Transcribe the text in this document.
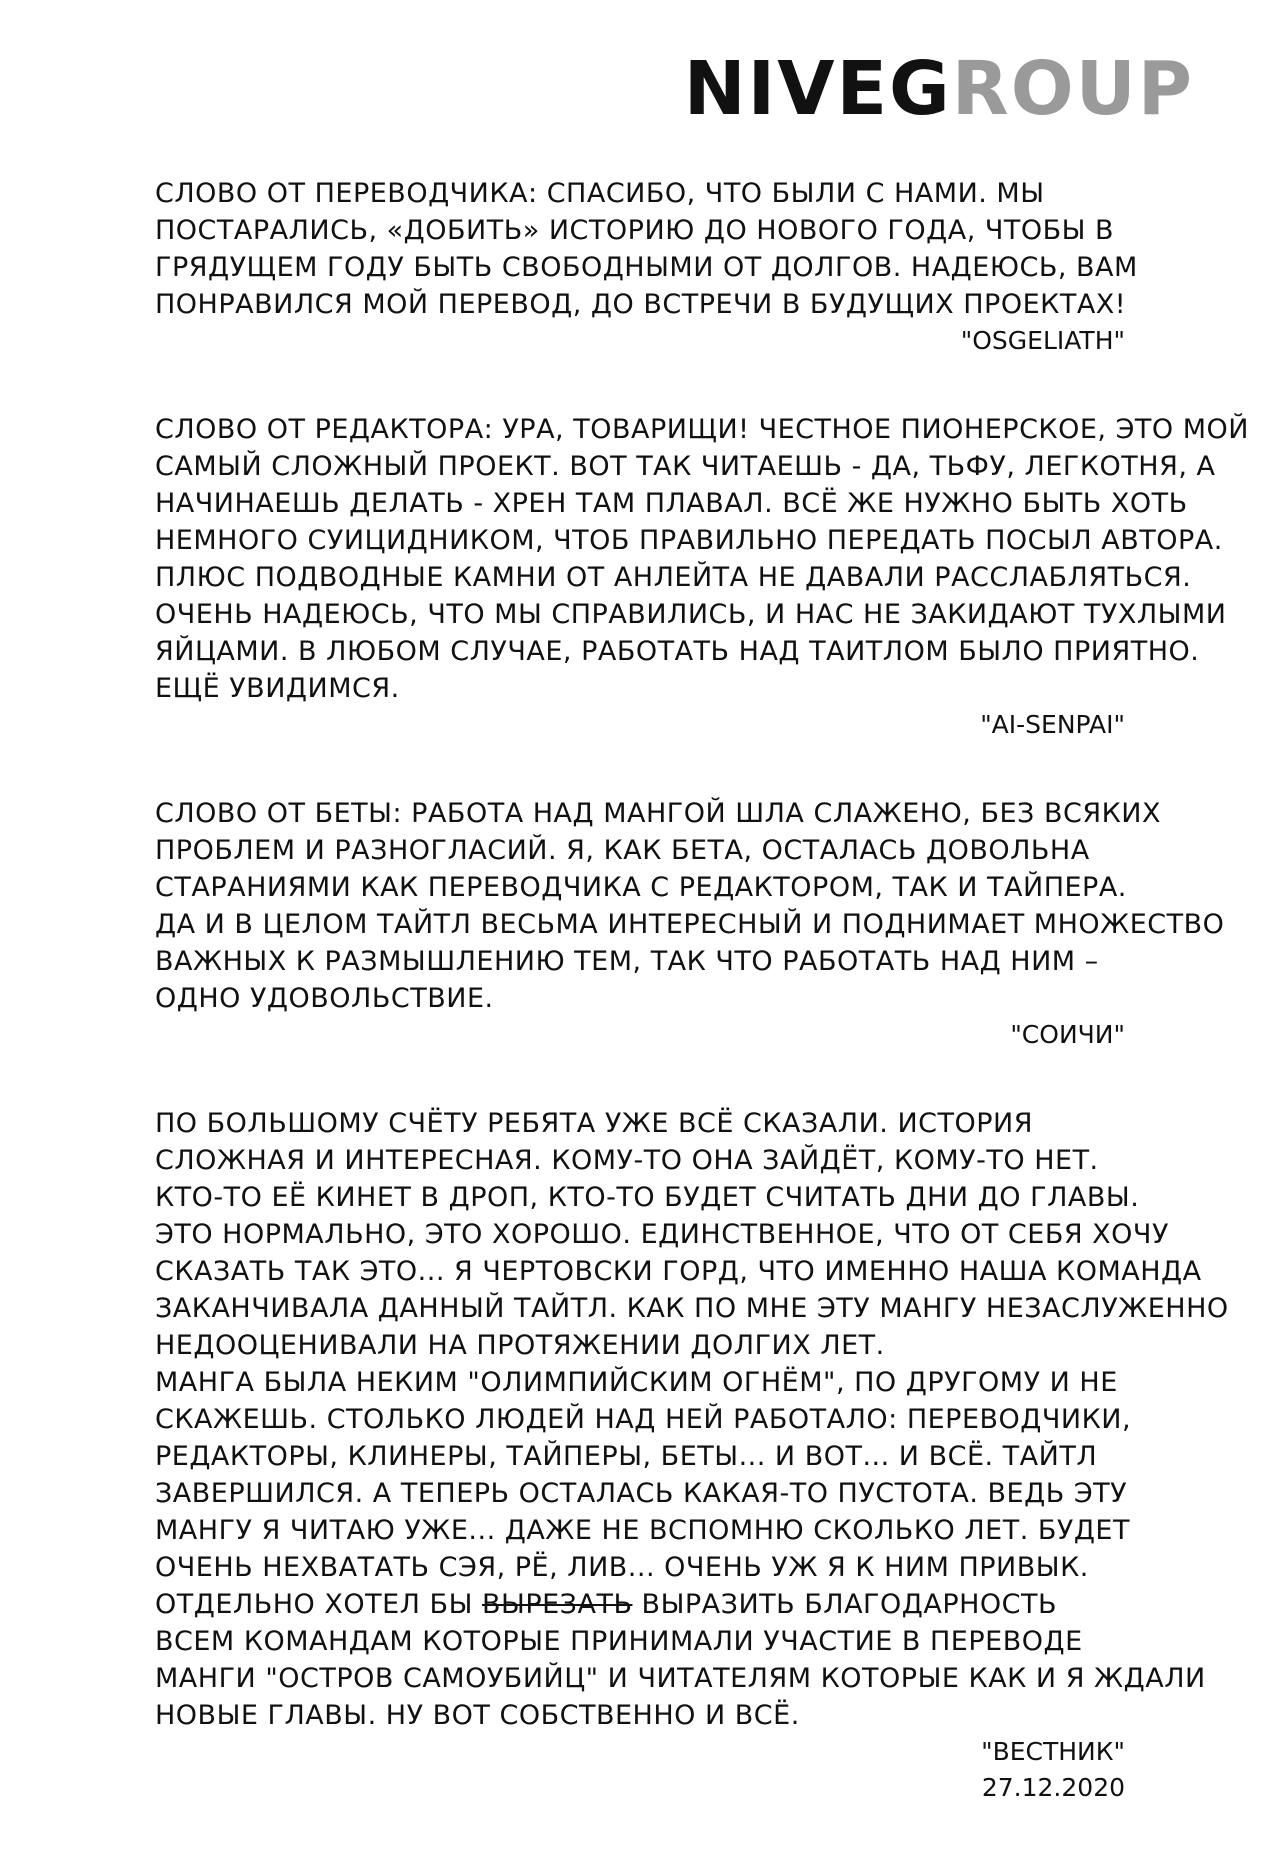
NIVEGROUP
СЛОВО ОТ ПЕРЕВОДЧИКА: СПАСИБО, ЧТО БЫЛИ С НАМИ. МЫ
ПОСТАРАЛИСЬ, «ДОБИТЬ» ИСТОРИЮ ДО НОВОГО ГОДА, ЧТОБЫ В
ГРЯДУЩЕМ ГОДУ БЫТЬ СВОБОДНЫМИ ОТ ДОЛГОВ. НАДЕЮСЬ, ВАМ
ПОНРАВИЛСЯ МОЙ ПЕРЕВОД, ДО ВСТРЕЧИ В БУДУЩИХ ПРОЕКТАХ!
"OSGELIATH"
СЛОВО ОТ РЕДАКТОРА: УРА, ТОВАРИЩИ! ЧЕСТНОЕ ПИОНЕРСКОЕ, ЭТО МОЙ
САМЫЙ СЛОЖНЫЙ ПРОЕКТ. ВОТ ТАК ЧИТАЕШЬ - ДА, ТЬФУ, ЛЕГКОТНЯ, А
НАЧИНАЕШЬ ДЕЛАТЬ - ХРЕН ТАМ ПЛАВАЛ. ВСЁ ЖЕ НУЖНО БЫТЬ ХОТЬ
НЕМНОГО СУИЦИДНИКОМ, ЧТОБ ПРАВИЛЬНО ПЕРЕДАТЬ ПОСЫЛ АВТОРА.
ПЛЮС ПОДВОДНЫЕ КАМНИ ОТ АНЛЕЙТА НЕ ДАВАЛИ РАССЛАБЛЯТЬСЯ.
ОЧЕНЬ НАДЕЮСЬ, ЧТО МЫ СПРАВИЛИСЬ, И НАС НЕ ЗАКИДАЮТ ТУХЛЫМИ
ЯЙЦАМИ. В ЛЮБОМ СЛУЧАЕ, РАБОТАТЬ НАД ТАИТЛОМ БЫЛО ПРИЯТНО.
ЕЩЁ УВИДИМСЯ.
"AI-SENPAI"
СЛОВО ОТ БЕТЫ: РАБОТА НАД МАНГОЙ ШЛА СЛАЖЕНО, БЕЗ ВСЯКИХ
ПРОБЛЕМ И РАЗНОГЛАСИЙ. Я, КАК БЕТА, ОСТАЛАСЬ ДОВОЛЬНА
СТАРАНИЯМИ КАК ПЕРЕВОДЧИКА С РЕДАКТОРОМ, ТАК И ТАЙПЕРА.
ДА И В ЦЕЛОМ ТАЙТЛ ВЕСЬМА ИНТЕРЕСНЫЙ И ПОДНИМАЕТ МНОЖЕСТВО
ВАЖНЫХ К РАЗМЫШЛЕНИЮ ТЕМ, ТАК ЧТО РАБОТАТЬ НАД НИМ –
ОДНО УДОВОЛЬСТВИЕ.
"СОИЧИ"
ПО БОЛЬШОМУ СЧЁТУ РЕБЯТА УЖЕ ВСЁ СКАЗАЛИ. ИСТОРИЯ
СЛОЖНАЯ И ИНТЕРЕСНАЯ. КОМУ-ТО ОНА ЗАЙДЁТ, КОМУ-ТО НЕТ.
КТО-ТО ЕЁ КИНЕТ В ДРОП, КТО-ТО БУДЕТ СЧИТАТЬ ДНИ ДО ГЛАВЫ.
ЭТО НОРМАЛЬНО, ЭТО ХОРОШО. ЕДИНСТВЕННОЕ, ЧТО ОТ СЕБЯ ХОЧУ
СКАЗАТЬ ТАК ЭТО... Я ЧЕРТОВСКИ ГОРД, ЧТО ИМЕННО НАША КОМАНДА
ЗАКАНЧИВАЛА ДАННЫЙ ТАЙТЛ. КАК ПО МНЕ ЭТУ МАНГУ НЕЗАСЛУЖЕННО
НЕДООЦЕНИВАЛИ НА ПРОТЯЖЕНИИ ДОЛГИХ ЛЕТ.
МАНГА БЫЛА НЕКИМ "ОЛИМПИЙСКИМ ОГНЁМ", ПО ДРУГОМУ И НЕ
СКАЖЕШЬ. СТОЛЬКО ЛЮДЕЙ НАД НЕЙ РАБОТАЛО: ПЕРЕВОДЧИКИ,
РЕДАКТОРЫ, КЛИНЕРЫ, ТАЙПЕРЫ, БЕТЫ... И ВОТ... И ВСЁ. ТАЙТЛ
ЗАВЕРШИЛСЯ. А ТЕПЕРЬ ОСТАЛАСЬ КАКАЯ-ТО ПУСТОТА. ВЕДЬ ЭТУ
МАНГУ Я ЧИТАЮ УЖЕ... ДАЖЕ НЕ ВСПОМНЮ СКОЛЬКО ЛЕТ. БУДЕТ
ОЧЕНЬ НЕХВАТАТЬ СЭЯ, РЁ, ЛИВ... ОЧЕНЬ УЖ Я К НИМ ПРИВЫК.
ОТДЕЛЬНО ХОТЕЛ БЫ ВЫРЕЗАТЬ ВЫРАЗИТЬ БЛАГОДАРНОСТЬ
ВСЕМ КОМАНДАМ КОТОРЫЕ ПРИНИМАЛИ УЧАСТИЕ В ПЕРЕВОДЕ
МАНГИ "ОСТРОВ САМОУБИЙЦ" И ЧИТАТЕЛЯМ КОТОРЫЕ КАК И Я ЖДАЛИ
НОВЫЕ ГЛАВЫ. НУ ВОТ СОБСТВЕННО И ВСЁ.
"ВЕСТНИК"
27.12.2020
